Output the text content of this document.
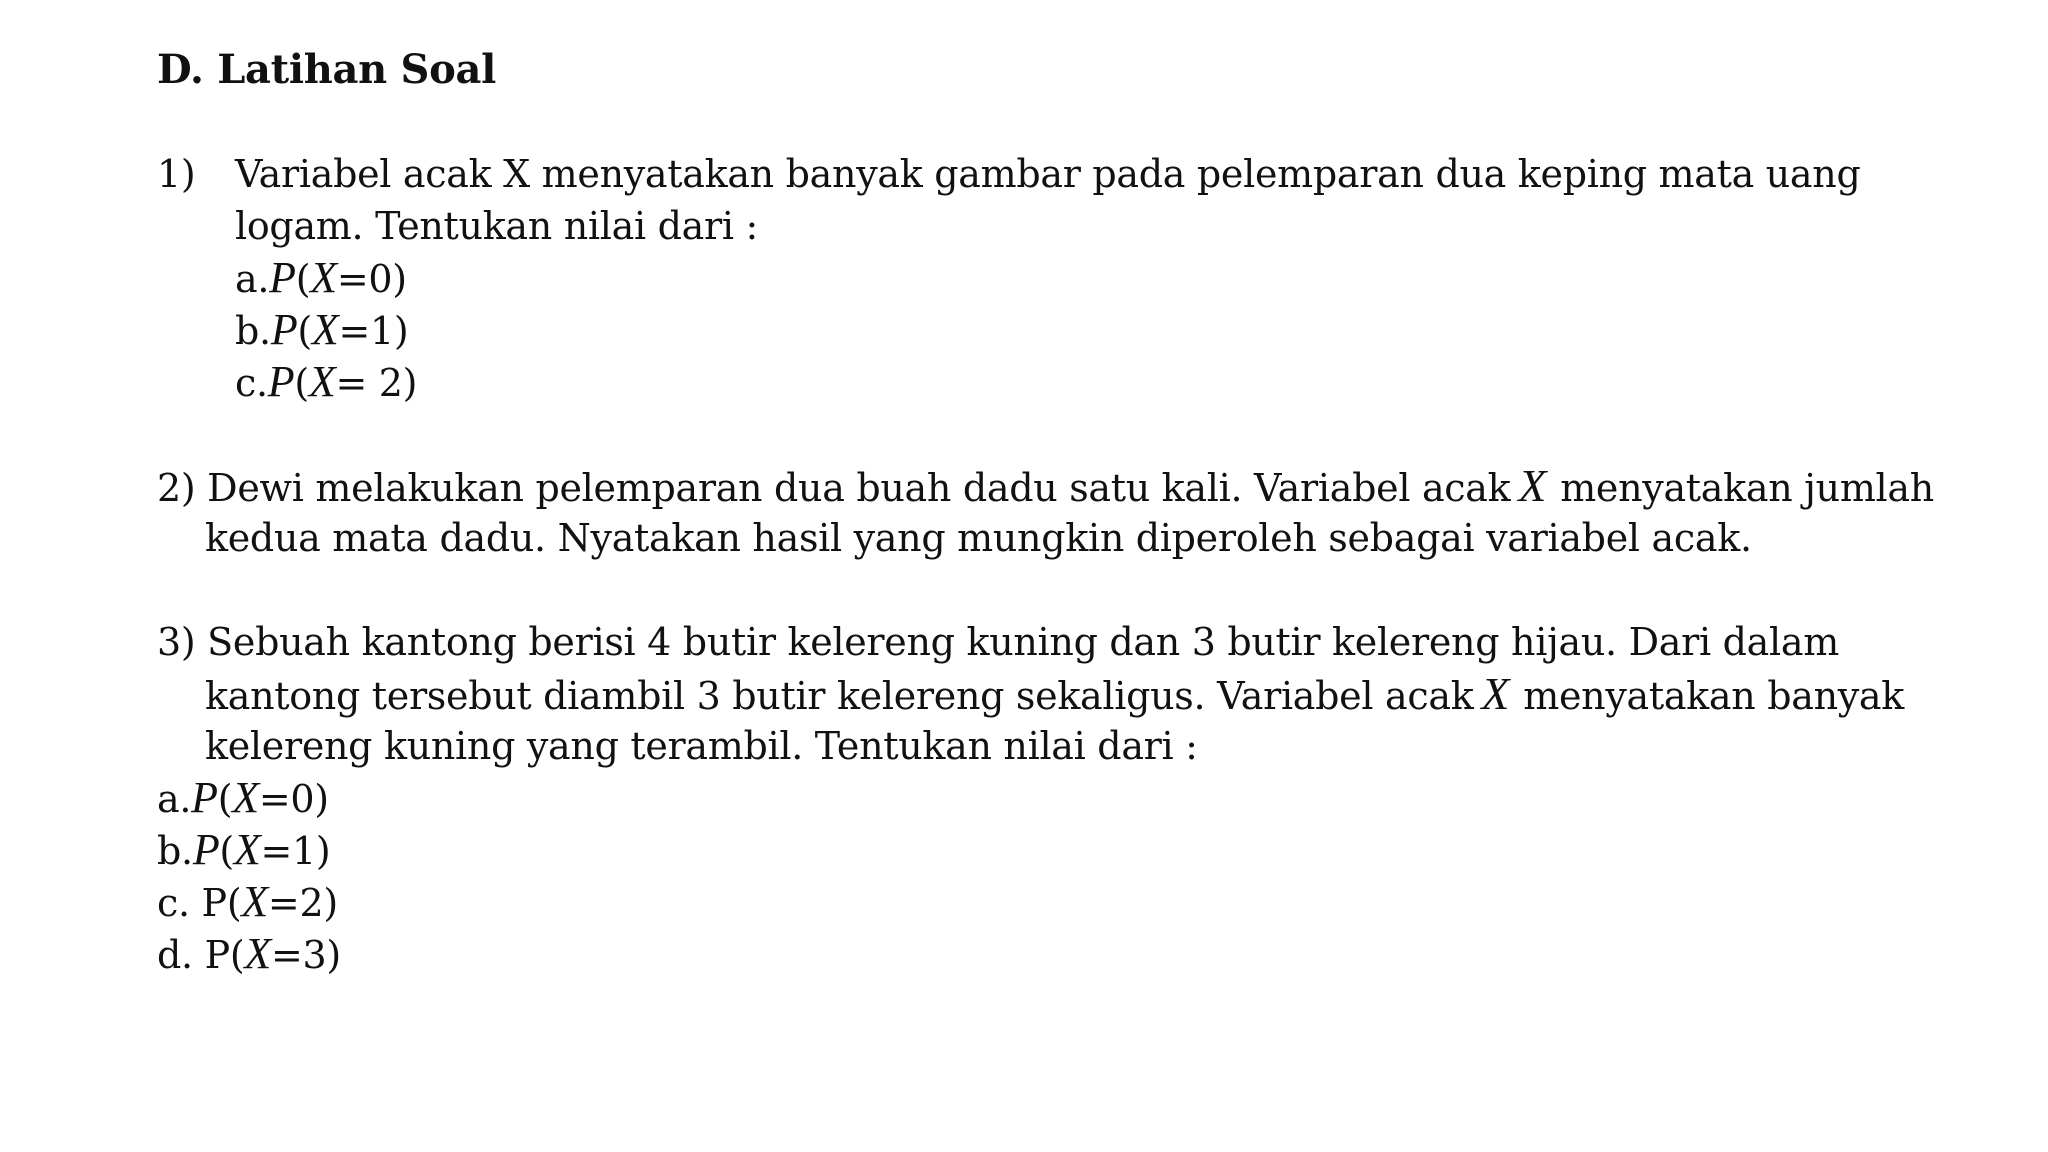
D. Latihan Soal
1) Variabel acak X menyatakan banyak gambar pada pelemparan dua keping mata uang
logam. Tentukan nilai dari :
a.P(X=0)
b.P(X=1)
c.P(X= 2)
2) Dewi melakukan pelemparan dua buah dadu satu kali. Variabel acak X menyatakan jumlah
kedua mata dadu. Nyatakan hasil yang mungkin diperoleh sebagai variabel acak.
3) Sebuah kantong berisi 4 butir kelereng kuning dan 3 butir kelereng hijau. Dari dalam
kantong tersebut diambil 3 butir kelereng sekaligus. Variabel acak X menyatakan banyak
kelereng kuning yang terambil. Tentukan nilai dari :
a.P(X=0)
b.P(X=1)
c. P(X=2)
d. P(X=3)
